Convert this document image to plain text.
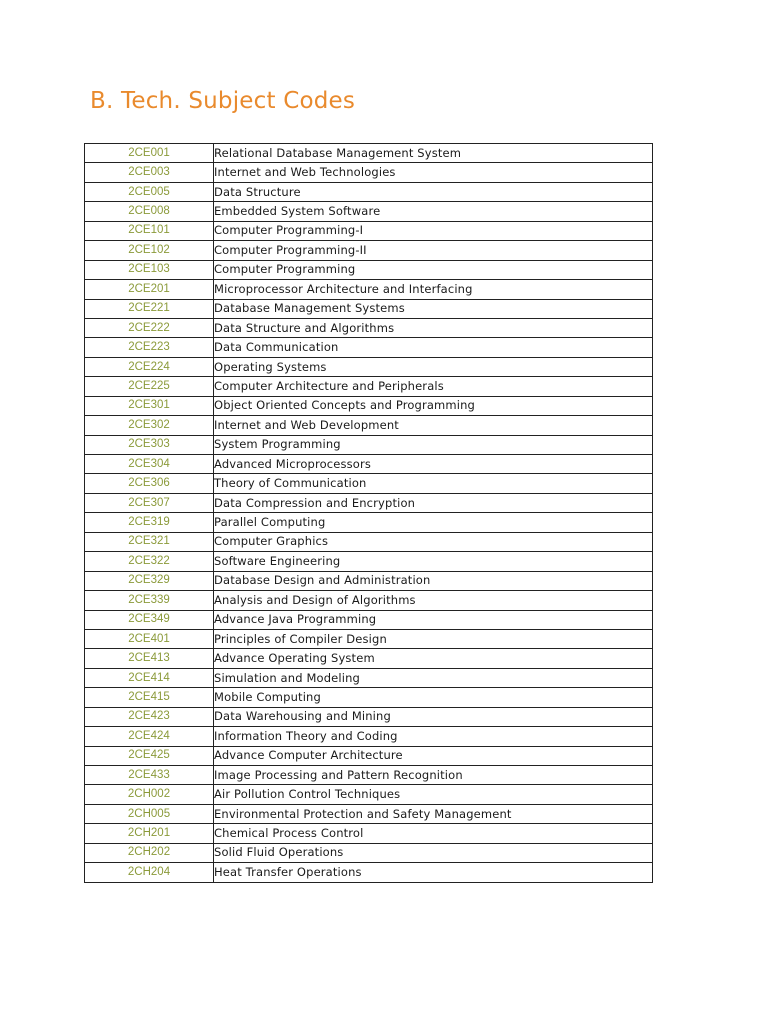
B. Tech. Subject Codes
2CE001	Relational Database Management System
2CE003	Internet and Web Technologies
2CE005	Data Structure
2CE008	Embedded System Software
2CE101	Computer Programming-I
2CE102	Computer Programming-II
2CE103	Computer Programming
2CE201	Microprocessor Architecture and Interfacing
2CE221	Database Management Systems
2CE222	Data Structure and Algorithms
2CE223	Data Communication
2CE224	Operating Systems
2CE225	Computer Architecture and Peripherals
2CE301	Object Oriented Concepts and Programming
2CE302	Internet and Web Development
2CE303	System Programming
2CE304	Advanced Microprocessors
2CE306	Theory of Communication
2CE307	Data Compression and Encryption
2CE319	Parallel Computing
2CE321	Computer Graphics
2CE322	Software Engineering
2CE329	Database Design and Administration
2CE339	Analysis and Design of Algorithms
2CE349	Advance Java Programming
2CE401	Principles of Compiler Design
2CE413	Advance Operating System
2CE414	Simulation and Modeling
2CE415	Mobile Computing
2CE423	Data Warehousing and Mining
2CE424	Information Theory and Coding
2CE425	Advance Computer Architecture
2CE433	Image Processing and Pattern Recognition
2CH002	Air Pollution Control Techniques
2CH005	Environmental Protection and Safety Management
2CH201	Chemical Process Control
2CH202	Solid Fluid Operations
2CH204	Heat Transfer Operations
